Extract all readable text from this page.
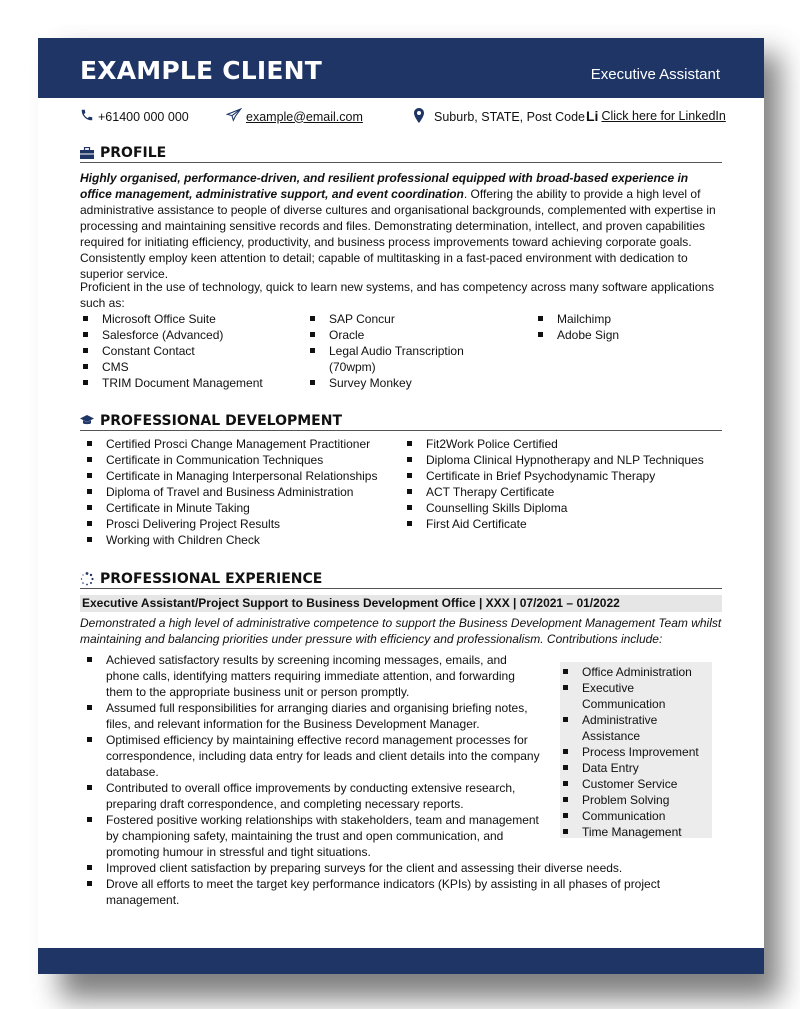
EXAMPLE CLIENT	Executive Assistant
+61400 000 000	example@email.com	Suburb, STATE, Post Code Li Click here for LinkedIn
PROFILE
Highly organised, performance-driven, and resilient professional equipped with broad-based experience in office management, administrative support, and event coordination. Offering the ability to provide a high level of administrative assistance to people of diverse cultures and organisational backgrounds, complemented with expertise in processing and maintaining sensitive records and files. Demonstrating determination, intellect, and proven capabilities required for initiating efficiency, productivity, and business process improvements toward achieving corporate goals. Consistently employ keen attention to detail; capable of multitasking in a fast-paced environment with dedication to superior service.
Proficient in the use of technology, quick to learn new systems, and has competency across many software applications such as:
Microsoft Office Suite
Salesforce (Advanced)
Constant Contact
CMS
TRIM Document Management
SAP Concur
Oracle
Legal Audio Transcription (70wpm)
Survey Monkey
Mailchimp
Adobe Sign
PROFESSIONAL DEVELOPMENT
Certified Prosci Change Management Practitioner
Certificate in Communication Techniques
Certificate in Managing Interpersonal Relationships
Diploma of Travel and Business Administration
Certificate in Minute Taking
Prosci Delivering Project Results
Working with Children Check
Fit2Work Police Certified
Diploma Clinical Hypnotherapy and NLP Techniques
Certificate in Brief Psychodynamic Therapy
ACT Therapy Certificate
Counselling Skills Diploma
First Aid Certificate
PROFESSIONAL EXPERIENCE
Executive Assistant/Project Support to Business Development Office | XXX | 07/2021 – 01/2022
Demonstrated a high level of administrative competence to support the Business Development Management Team whilst maintaining and balancing priorities under pressure with efficiency and professionalism. Contributions include:
Achieved satisfactory results by screening incoming messages, emails, and phone calls, identifying matters requiring immediate attention, and forwarding them to the appropriate business unit or person promptly.
Assumed full responsibilities for arranging diaries and organising briefing notes, files, and relevant information for the Business Development Manager.
Optimised efficiency by maintaining effective record management processes for correspondence, including data entry for leads and client details into the company database.
Contributed to overall office improvements by conducting extensive research, preparing draft correspondence, and completing necessary reports.
Fostered positive working relationships with stakeholders, team and management by championing safety, maintaining the trust and open communication, and promoting humour in stressful and tight situations.
Improved client satisfaction by preparing surveys for the client and assessing their diverse needs.
Drove all efforts to meet the target key performance indicators (KPIs) by assisting in all phases of project management.
Office Administration
Executive Communication
Administrative Assistance
Process Improvement
Data Entry
Customer Service
Problem Solving
Communication
Time Management
